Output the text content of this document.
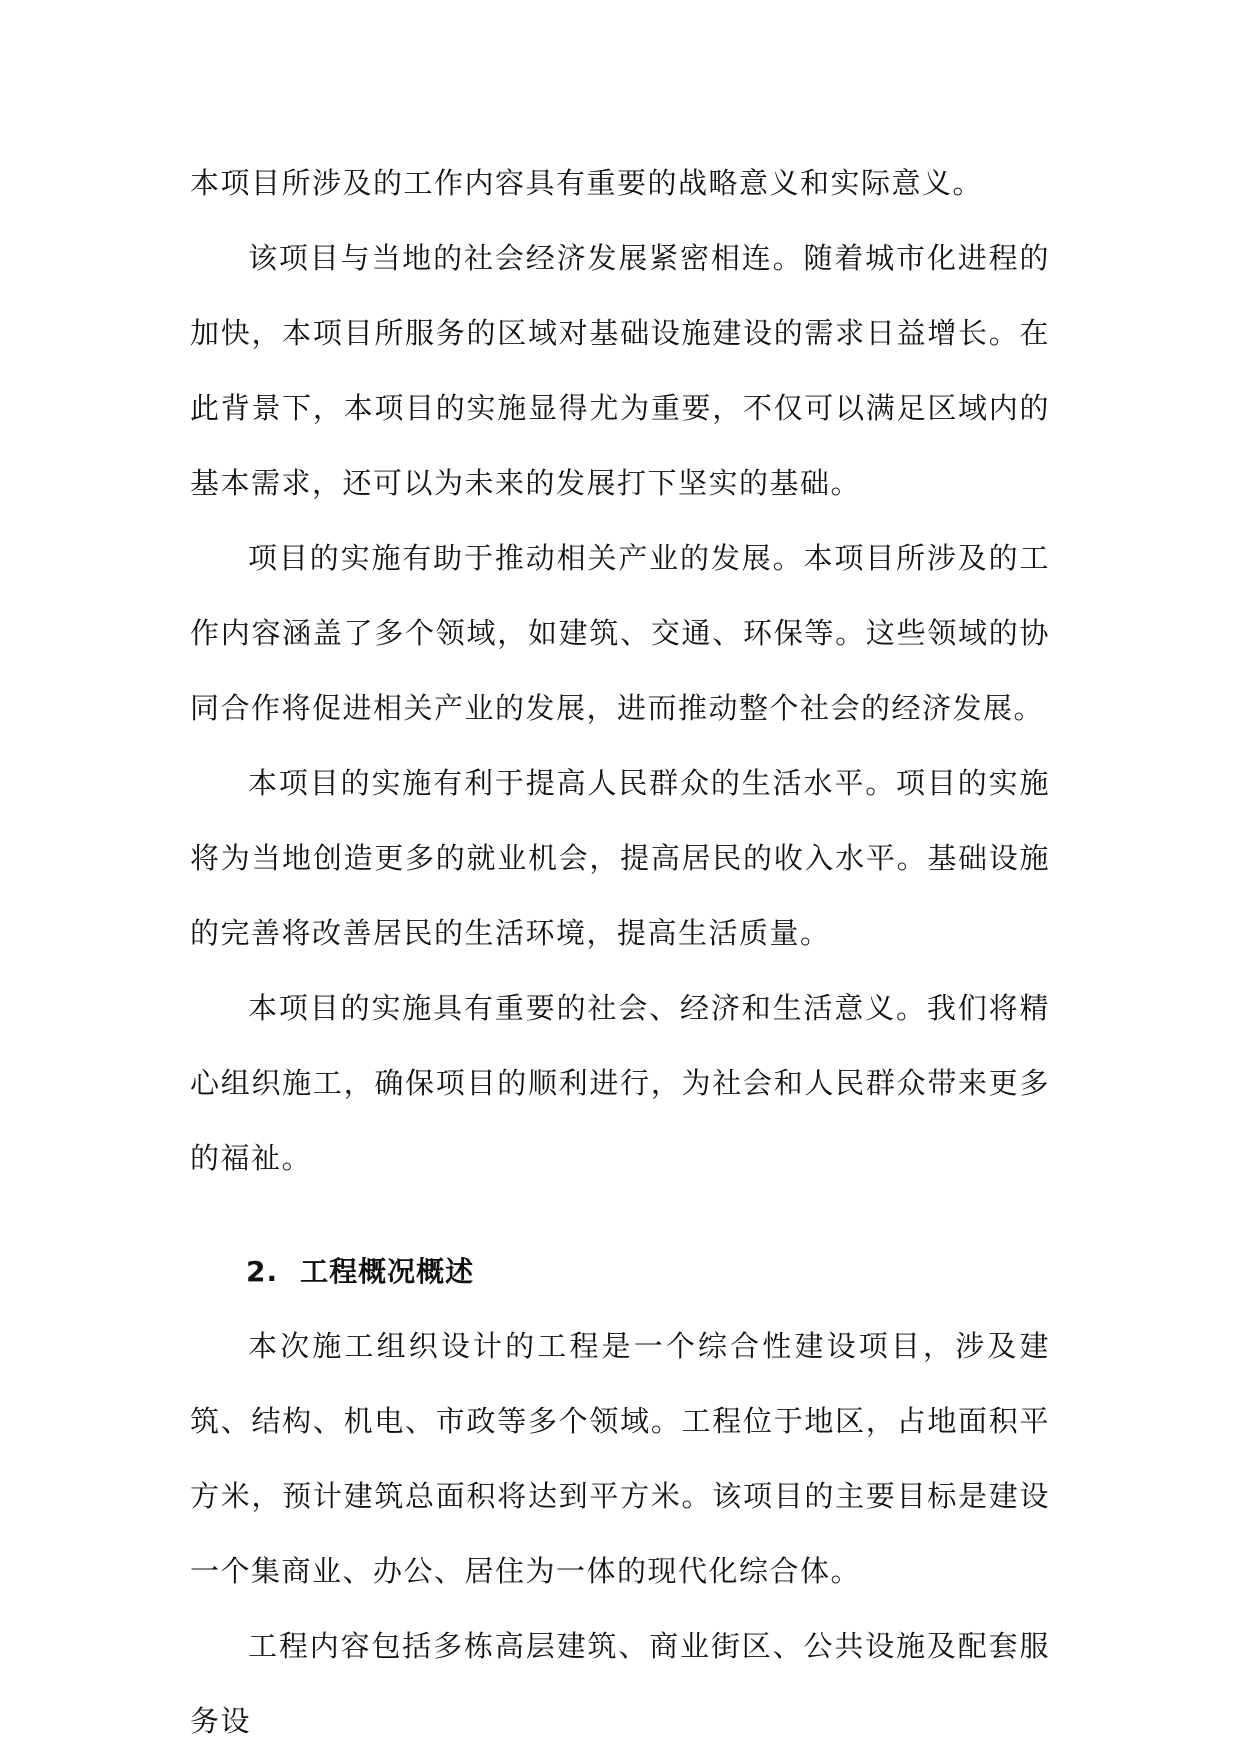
本项目所涉及的工作内容具有重要的战略意义和实际意义。

该项目与当地的社会经济发展紧密相连。随着城市化进程的加快，本项目所服务的区域对基础设施建设的需求日益增长。在此背景下，本项目的实施显得尤为重要，不仅可以满足区域内的基本需求，还可以为未来的发展打下坚实的基础。

项目的实施有助于推动相关产业的发展。本项目所涉及的工作内容涵盖了多个领域，如建筑、交通、环保等。这些领域的协同合作将促进相关产业的发展，进而推动整个社会的经济发展。

本项目的实施有利于提高人民群众的生活水平。项目的实施将为当地创造更多的就业机会，提高居民的收入水平。基础设施的完善将改善居民的生活环境，提高生活质量。

本项目的实施具有重要的社会、经济和生活意义。我们将精心组织施工，确保项目的顺利进行，为社会和人民群众带来更多的福祉。

2. 工程概况概述

本次施工组织设计的工程是一个综合性建设项目，涉及建筑、结构、机电、市政等多个领域。工程位于地区，占地面积平方米，预计建筑总面积将达到平方米。该项目的主要目标是建设一个集商业、办公、居住为一体的现代化综合体。

工程内容包括多栋高层建筑、商业街区、公共设施及配套服务设
